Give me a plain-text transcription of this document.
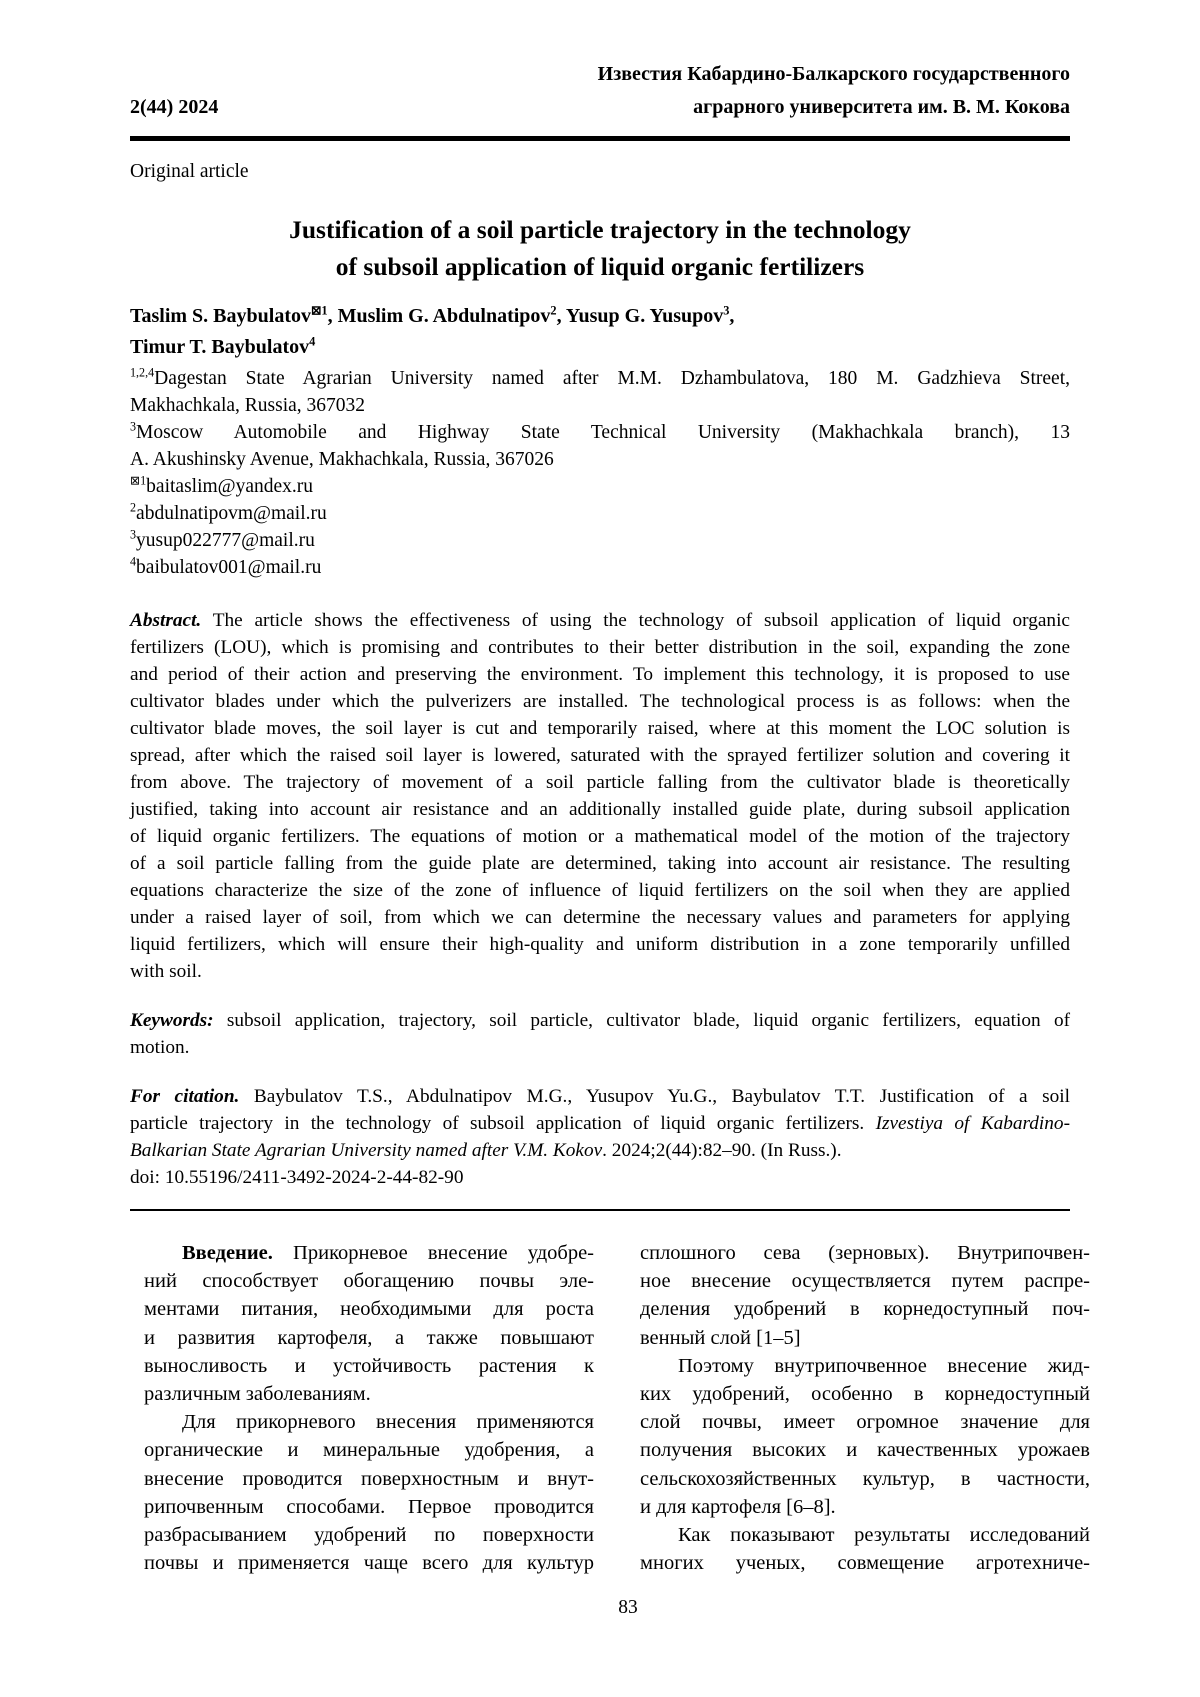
2(44) 2024
Известия Кабардино-Балкарского государственного
аграрного университета им. В. М. Кокова
Original article
Justification of a soil particle trajectory in the technology
of subsoil application of liquid organic fertilizers
Taslim S. Baybulatov$^{⊠1}$, Muslim G. Abdulnatipov$^2$, Yusup G. Yusupov$^3$,
Timur T. Baybulatov$^4$
$^{1,2,4}$Dagestan State Agrarian University named after M.M. Dzhambulatova, 180 M. Gadzhieva Street,
Makhachkala, Russia, 367032
$^3$Moscow Automobile and Highway State Technical University (Makhachkala branch), 13
A. Akushinsky Avenue, Makhachkala, Russia, 367026
$^{⊠1}$baitaslim@yandex.ru
$^2$abdulnatipovm@mail.ru
$^3$yusup022777@mail.ru
$^4$baibulatov001@mail.ru
Abstract. The article shows the effectiveness of using the technology of subsoil application of liquid organic
fertilizers (LOU), which is promising and contributes to their better distribution in the soil, expanding the zone
and period of their action and preserving the environment. To implement this technology, it is proposed to use
cultivator blades under which the pulverizers are installed. The technological process is as follows: when the
cultivator blade moves, the soil layer is cut and temporarily raised, where at this moment the LOC solution is
spread, after which the raised soil layer is lowered, saturated with the sprayed fertilizer solution and covering it
from above. The trajectory of movement of a soil particle falling from the cultivator blade is theoretically
justified, taking into account air resistance and an additionally installed guide plate, during subsoil application
of liquid organic fertilizers. The equations of motion or a mathematical model of the motion of the trajectory
of a soil particle falling from the guide plate are determined, taking into account air resistance. The resulting
equations characterize the size of the zone of influence of liquid fertilizers on the soil when they are applied
under a raised layer of soil, from which we can determine the necessary values and parameters for applying
liquid fertilizers, which will ensure their high-quality and uniform distribution in a zone temporarily unfilled
with soil.
Keywords: subsoil application, trajectory, soil particle, cultivator blade, liquid organic fertilizers, equation of
motion.
For citation. Baybulatov T.S., Abdulnatipov M.G., Yusupov Yu.G., Baybulatov T.T. Justification of a soil
particle trajectory in the technology of subsoil application of liquid organic fertilizers. Izvestiya of Kabardino-
Balkarian State Agrarian University named after V.M. Kokov. 2024;2(44):82–90. (In Russ.).
doi: 10.55196/2411-3492-2024-2-44-82-90
Введение. Прикорневое внесение удобре-
ний способствует обогащению почвы эле-
ментами питания, необходимыми для роста
и развития картофеля, а также повышают
выносливость и устойчивость растения к
различным заболеваниям.
Для прикорневого внесения применяются
органические и минеральные удобрения, а
внесение проводится поверхностным и внут-
рипочвенным способами. Первое проводится
разбрасыванием удобрений по поверхности
почвы и применяется чаще всего для культур
сплошного сева (зерновых). Внутрипочвен-
ное внесение осуществляется путем распре-
деления удобрений в корнедоступный поч-
венный слой [1–5]
Поэтому внутрипочвенное внесение жид-
ких удобрений, особенно в корнедоступный
слой почвы, имеет огромное значение для
получения высоких и качественных урожаев
сельскохозяйственных культур, в частности,
и для картофеля [6–8].
Как показывают результаты исследований
многих ученых, совмещение агротехниче-
83
